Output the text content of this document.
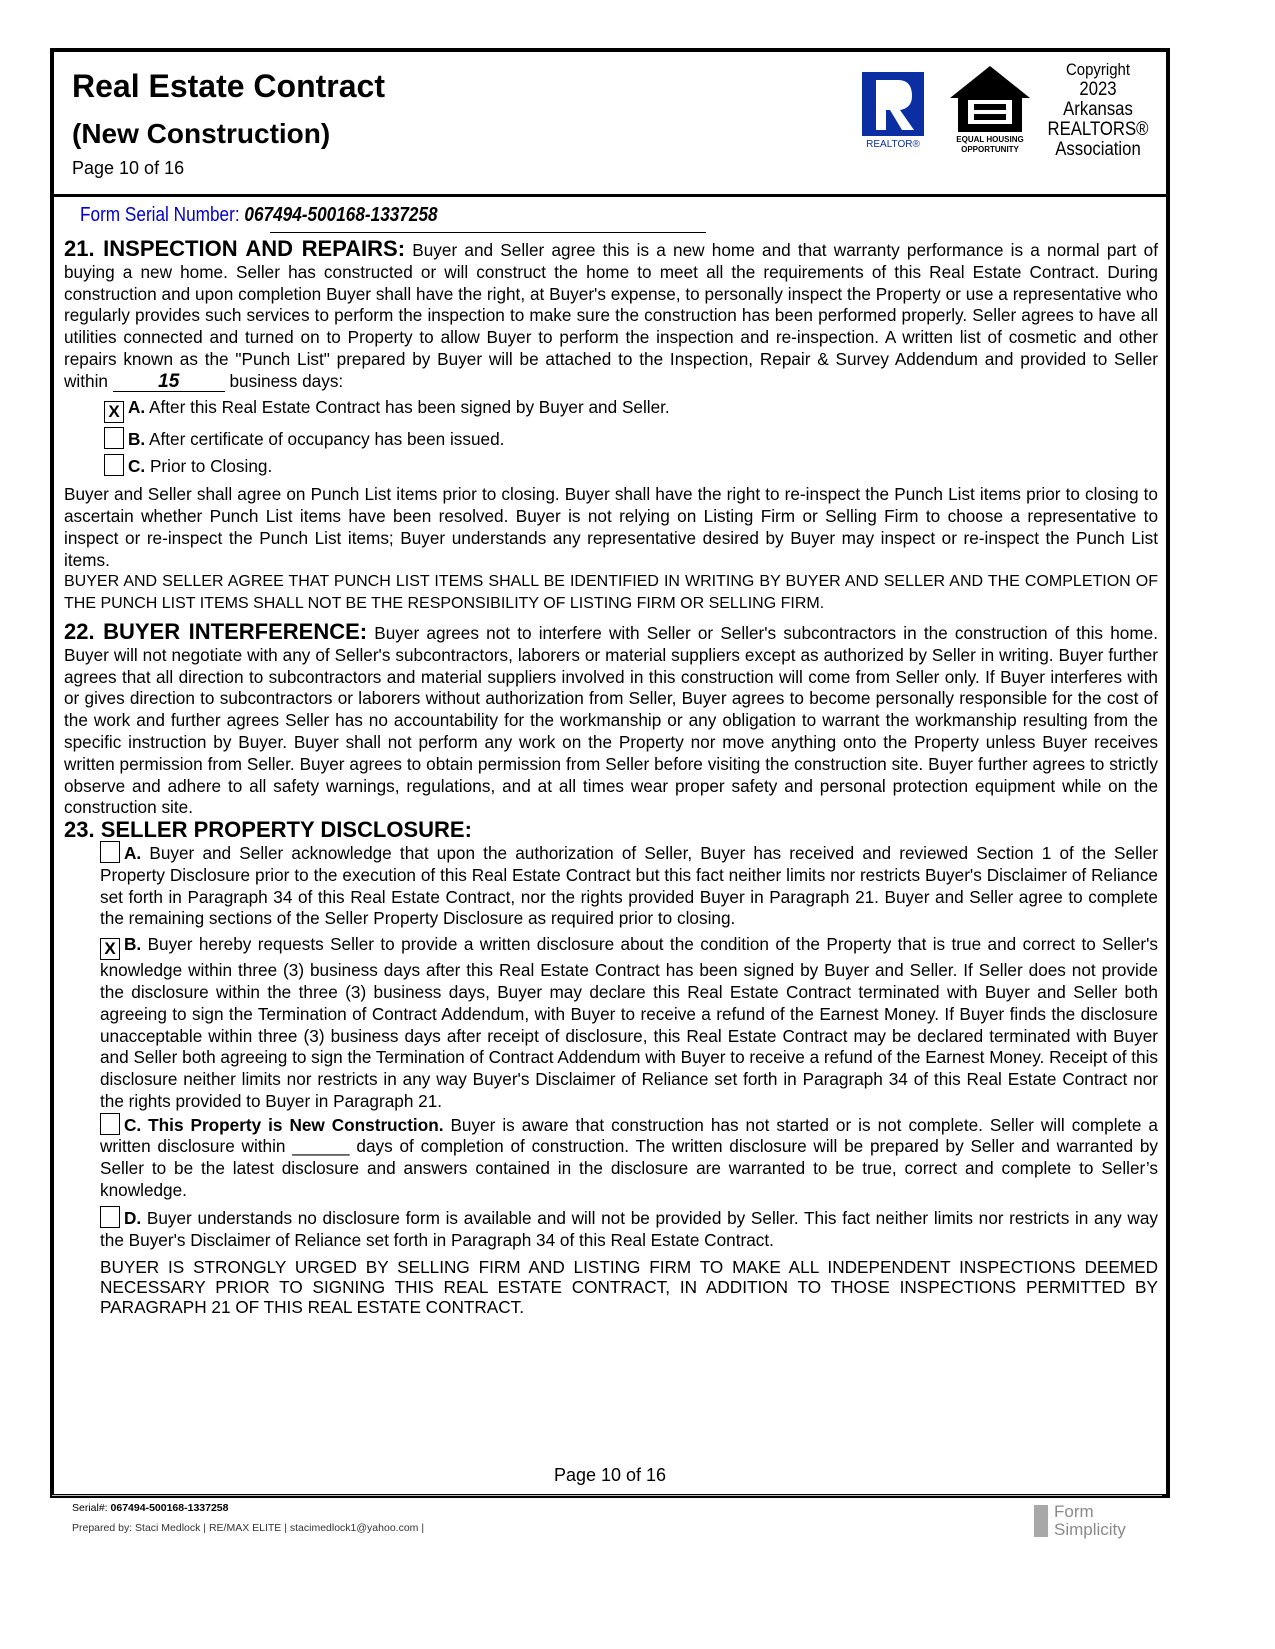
Real Estate Contract
(New Construction)
Page 10 of 16
REALTOR®	EQUAL HOUSING
OPPORTUNITY
Copyright
2023
Arkansas
REALTORS®
Association
Form Serial Number: 067494-500168-1337258

21. INSPECTION AND REPAIRS: Buyer and Seller agree this is a new home and that warranty performance is a normal part of buying a new home. Seller has constructed or will construct the home to meet all the requirements of this Real Estate Contract. During construction and upon completion Buyer shall have the right, at Buyer's expense, to personally inspect the Property or use a representative who regularly provides such services to perform the inspection to make sure the construction has been performed properly. Seller agrees to have all utilities connected and turned on to Property to allow Buyer to perform the inspection and re-inspection. A written list of cosmetic and other repairs known as the "Punch List" prepared by Buyer will be attached to the Inspection, Repair & Survey Addendum and provided to Seller within 15	business days:

X A. After this Real Estate Contract has been signed by Buyer and Seller.
B. After certificate of occupancy has been issued.
C. Prior to Closing.

Buyer and Seller shall agree on Punch List items prior to closing. Buyer shall have the right to re-inspect the Punch List items prior to closing to ascertain whether Punch List items have been resolved. Buyer is not relying on Listing Firm or Selling Firm to choose a representative to inspect or re-inspect the Punch List items; Buyer understands any representative desired by Buyer may inspect or re-inspect the Punch List items.

BUYER AND SELLER AGREE THAT PUNCH LIST ITEMS SHALL BE IDENTIFIED IN WRITING BY BUYER AND SELLER AND THE COMPLETION OF THE PUNCH LIST ITEMS SHALL NOT BE THE RESPONSIBILITY OF LISTING FIRM OR SELLING FIRM.

22. BUYER INTERFERENCE: Buyer agrees not to interfere with Seller or Seller's subcontractors in the construction of this home. Buyer will not negotiate with any of Seller's subcontractors, laborers or material suppliers except as authorized by Seller in writing. Buyer further agrees that all direction to subcontractors and material suppliers involved in this construction will come from Seller only. If Buyer interferes with or gives direction to subcontractors or laborers without authorization from Seller, Buyer agrees to become personally responsible for the cost of the work and further agrees Seller has no accountability for the workmanship or any obligation to warrant the workmanship resulting from the specific instruction by Buyer. Buyer shall not perform any work on the Property nor move anything onto the Property unless Buyer receives written permission from Seller. Buyer agrees to obtain permission from Seller before visiting the construction site. Buyer further agrees to strictly observe and adhere to all safety warnings, regulations, and at all times wear proper safety and personal protection equipment while on the construction site.

23. SELLER PROPERTY DISCLOSURE:

A. Buyer and Seller acknowledge that upon the authorization of Seller, Buyer has received and reviewed Section 1 of the Seller Property Disclosure prior to the execution of this Real Estate Contract but this fact neither limits nor restricts Buyer's Disclaimer of Reliance set forth in Paragraph 34 of this Real Estate Contract, nor the rights provided Buyer in Paragraph 21. Buyer and Seller agree to complete the remaining sections of the Seller Property Disclosure as required prior to closing.

X B. Buyer hereby requests Seller to provide a written disclosure about the condition of the Property that is true and correct to Seller's knowledge within three (3) business days after this Real Estate Contract has been signed by Buyer and Seller. If Seller does not provide the disclosure within the three (3) business days, Buyer may declare this Real Estate Contract terminated with Buyer and Seller both agreeing to sign the Termination of Contract Addendum, with Buyer to receive a refund of the Earnest Money. If Buyer finds the disclosure unacceptable within three (3) business days after receipt of disclosure, this Real Estate Contract may be declared terminated with Buyer and Seller both agreeing to sign the Termination of Contract Addendum with Buyer to receive a refund of the Earnest Money. Receipt of this disclosure neither limits nor restricts in any way Buyer's Disclaimer of Reliance set forth in Paragraph 34 of this Real Estate Contract nor the rights provided to Buyer in Paragraph 21.

C. This Property is New Construction. Buyer is aware that construction has not started or is not complete. Seller will complete a written disclosure within ______ days of completion of construction. The written disclosure will be prepared by Seller and warranted by Seller to be the latest disclosure and answers contained in the disclosure are warranted to be true, correct and complete to Seller’s knowledge.

D. Buyer understands no disclosure form is available and will not be provided by Seller. This fact neither limits nor restricts in any way the Buyer's Disclaimer of Reliance set forth in Paragraph 34 of this Real Estate Contract.

BUYER IS STRONGLY URGED BY SELLING FIRM AND LISTING FIRM TO MAKE ALL INDEPENDENT INSPECTIONS DEEMED NECESSARY PRIOR TO SIGNING THIS REAL ESTATE CONTRACT, IN ADDITION TO THOSE INSPECTIONS PERMITTED BY PARAGRAPH 21 OF THIS REAL ESTATE CONTRACT.

Page 10 of 16
Serial#: 067494-500168-1337258
Prepared by: Staci Medlock | RE/MAX ELITE | stacimedlock1@yahoo.com |
Form
Simplicity
